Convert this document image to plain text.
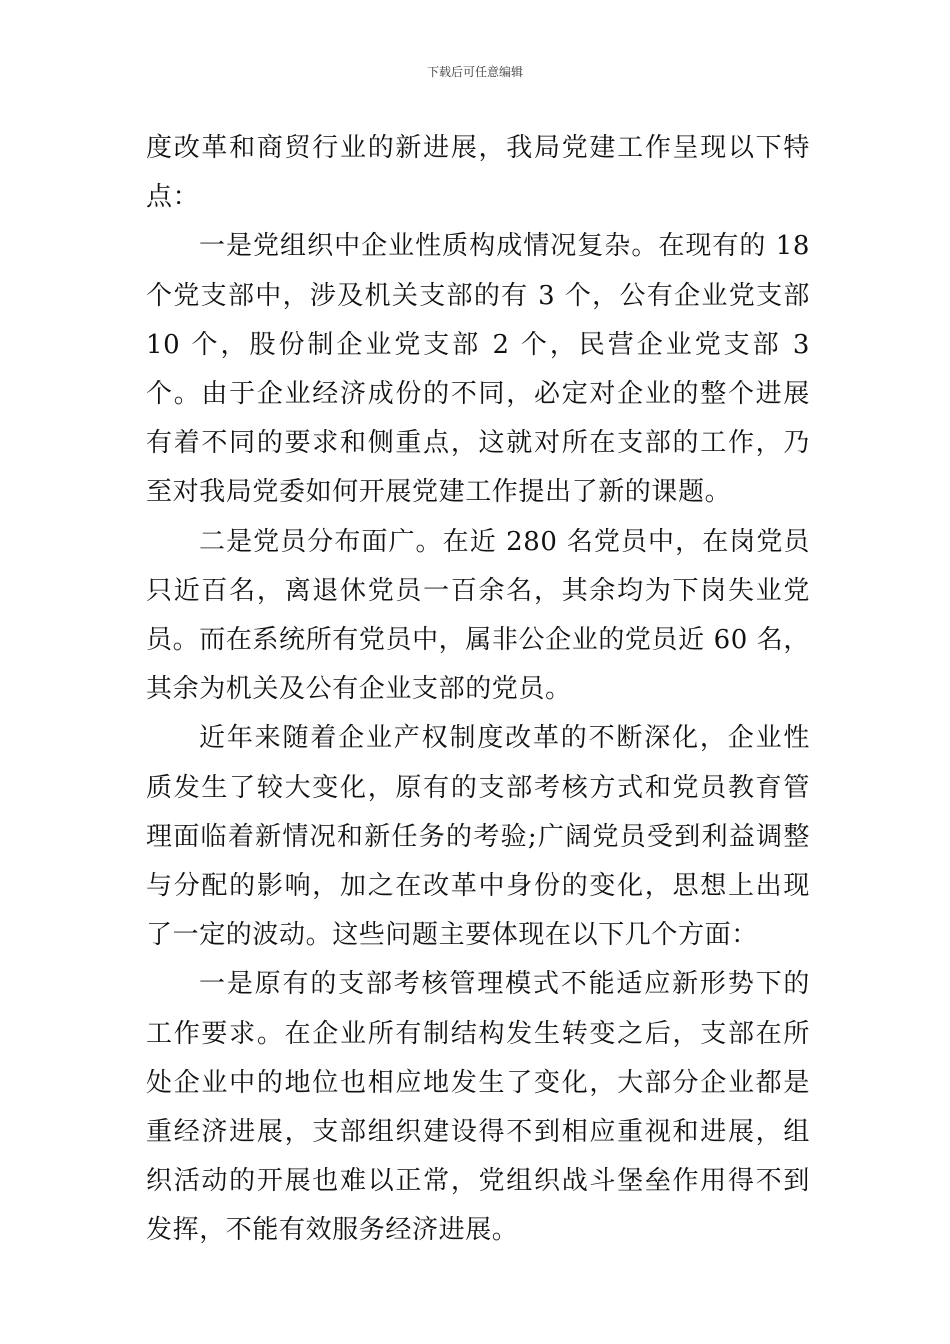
下载后可任意编辑

度改革和商贸行业的新进展，我局党建工作呈现以下特点：

一是党组织中企业性质构成情况复杂。在现有的 18 个党支部中，涉及机关支部的有 3 个，公有企业党支部 10 个，股份制企业党支部 2 个，民营企业党支部 3 个。由于企业经济成份的不同，必定对企业的整个进展有着不同的要求和侧重点，这就对所在支部的工作，乃至对我局党委如何开展党建工作提出了新的课题。

二是党员分布面广。在近 280 名党员中，在岗党员只近百名，离退休党员一百余名，其余均为下岗失业党员。而在系统所有党员中，属非公企业的党员近 60 名，其余为机关及公有企业支部的党员。

近年来随着企业产权制度改革的不断深化，企业性质发生了较大变化，原有的支部考核方式和党员教育管理面临着新情况和新任务的考验;广阔党员受到利益调整与分配的影响，加之在改革中身份的变化，思想上出现了一定的波动。这些问题主要体现在以下几个方面：

一是原有的支部考核管理模式不能适应新形势下的工作要求。在企业所有制结构发生转变之后，支部在所处企业中的地位也相应地发生了变化，大部分企业都是重经济进展，支部组织建设得不到相应重视和进展，组织活动的开展也难以正常，党组织战斗堡垒作用得不到发挥，不能有效服务经济进展。
